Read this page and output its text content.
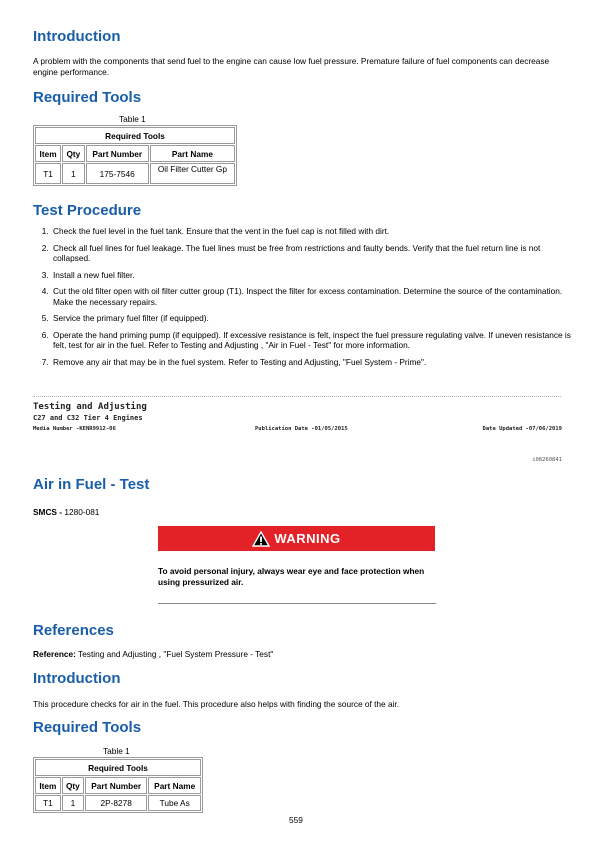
Introduction

A problem with the components that send fuel to the engine can cause low fuel pressure. Premature failure of fuel components can decrease engine performance.

Required Tools
Table 1
Required Tools			
Item	Qty	Part Number	Part Name
T1	1	175-7546	Oil Filter Cutter Gp
Test Procedure
1. Check the fuel level in the fuel tank. Ensure that the vent in the fuel cap is not filled with dirt.
2. Check all fuel lines for fuel leakage. The fuel lines must be free from restrictions and faulty bends. Verify that the fuel return line is not collapsed.
3. Install a new fuel filter.
4. Cut the old filter open with oil filter cutter group (T1). Inspect the filter for excess contamination. Determine the source of the contamination. Make the necessary repairs.
5. Service the primary fuel filter (if equipped).
6. Operate the hand priming pump (if equipped). If excessive resistance is felt, inspect the fuel pressure regulating valve. If uneven resistance is felt, test for air in the fuel. Refer to Testing and Adjusting , "Air in Fuel - Test" for more information.
7. Remove any air that may be in the fuel system. Refer to Testing and Adjusting, "Fuel System - Prime".
Testing and Adjusting
C27 and C32 Tier 4 Engines
Media Number -KENR9912-06	Publication Date -01/05/2015	Date Updated -07/06/2019
i08260841
Air in Fuel - Test
SMCS - 1280-081
WARNING
To avoid personal injury, always wear eye and face protection when using pressurized air.
References
Reference: Testing and Adjusting , "Fuel System Pressure - Test"
Introduction

This procedure checks for air in the fuel. This procedure also helps with finding the source of the air.

Required Tools
Table 1
Required Tools			
Item	Qty	Part Number	Part Name
T1	1	2P-8278	Tube As
559
